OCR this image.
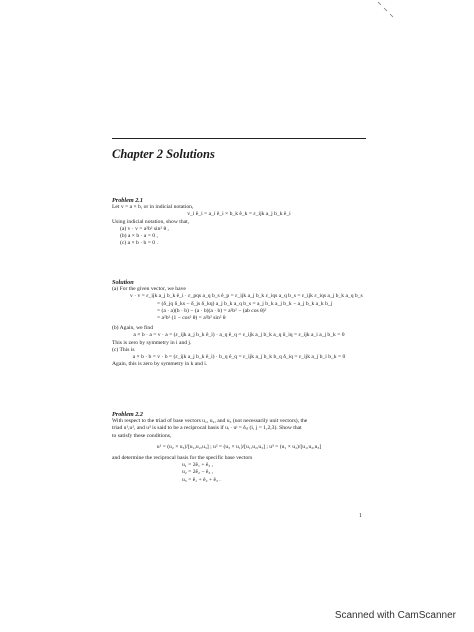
Chapter 2 Solutions
Problem 2.1
Let v = a × b, or in indicial notation,
v_i ê_i = a_i ê_i × b_k ê_k = ε_ijk a_j b_k ê_i
Using indicial notation, show that,
(a) v · v = a²b² sin² θ ,
(b) a × b · a = 0 ,
(c) a × b · b = 0 .
Solution
(a) For the given vector, we have
v · v = ε_ijk a_j b_k ê_i · ε_pqs a_q b_s ê_p = ε_ijk a_j b_k ε_iqs a_q b_s = ε_ijk ε_iqs a_j b_k a_q b_s
= (δ_jq δ_ks − δ_js δ_kq) a_j b_k a_q b_s = a_j b_k a_j b_k − a_j b_k a_k b_j
= (a · a)(b · b) − (a · b)(a · b) = a²b² − (ab cos θ)²
= a²b² (1 − cos² θ) = a²b² sin² θ
(b) Again, we find
a × b · a = v · a = (ε_ijk a_j b_k ê_i) · a_q ê_q = ε_ijk a_j b_k a_q δ_iq = ε_ijk a_i a_j b_k = 0
This is zero by symmetry in i and j.
(c) This is
a × b · b = v · b = (ε_ijk a_j b_k ê_i) · b_q ê_q = ε_ijk a_j b_k b_q δ_iq = ε_ijk a_j b_i b_k = 0
Again, this is zero by symmetry in k and i.
Problem 2.2
With respect to the triad of base vectors u₁, u₂, and u₃ (not necessarily unit vectors), the
triad u¹,u², and u³ is said to be a reciprocal basis if uᵢ · uʲ = δᵢⱼ (i, j = 1,2,3). Show that
to satisfy these conditions,
u¹ = (u₂ × u₃)/[u₁,u₂,u₃] ; u² = (u₃ × u₁)/[u₁,u₂,u₃] ; u³ = (u₁ × u₂)/[u₁,u₂,u₃]
and determine the reciprocal basis for the specific base vectors
u₁ = 2ê₁ + ê₂ ,
u₂ = 2ê₂ − ê₃ ,
u₃ = ê₁ + ê₂ + ê₃ .
1
Scanned with CamScanner
